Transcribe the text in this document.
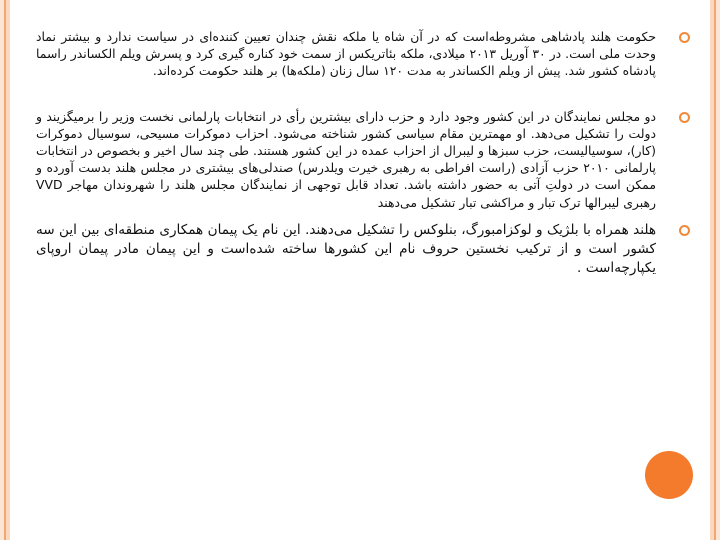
حکومت هلند پادشاهی مشروطه‌است که در آن شاه یا ملکه نقش چندان تعیین کننده‌ای در سیاست ندارد و بیشتر نماد وحدت ملی است. در ۳۰ آوریل ۲۰۱۳ میلادی، ملکه بئاتریکس از سمت خود کناره گیری کرد و پسرش ویلم الکساندر راسما پادشاه کشور شد. پیش از ویلم الکساندر به مدت ۱۲۰ سال زنان (ملکه‌ها) بر هلند حکومت کرده‌اند.
دو مجلس نمایندگان در این کشور وجود دارد و حزب دارای بیشترین رأی در انتخابات پارلمانی نخست وزیر را برمیگزیند و دولت را تشکیل می‌دهد. او مهمترین مقام سیاسی کشور شناخته می‌شود. احزاب دموکرات مسیحی، سوسیال دموکرات (کار)، سوسیالیست، حزب سبزها و لیبرال از احزاب عمده در این کشور هستند. طی چند سال اخیر و بخصوص در انتخابات پارلمانی ۲۰۱۰ حزب آزادی (راست افراطی به رهبری خیرت ویلدرس) صندلی‌های بیشتری در مجلس هلند بدست آورده و ممکن است در دولتِ آتی به حضور داشته باشد. تعداد قابل توجهی از نمایندگان مجلس هلند را شهروندان مهاجر VVD رهبری لیبرالها ترک تبار و مراکشی تبار تشکیل می‌دهند
هلند همراه با بلژیک و لوکزامبورگ، بنلوکس را تشکیل می‌دهند. این نام یک پیمان همکاری منطقه‌ای بین این سه کشور است و از ترکیب نخستین حروف نام این کشورها ساخته شده‌است و این پیمان مادر پیمان اروپای یکپارچه‌است .
